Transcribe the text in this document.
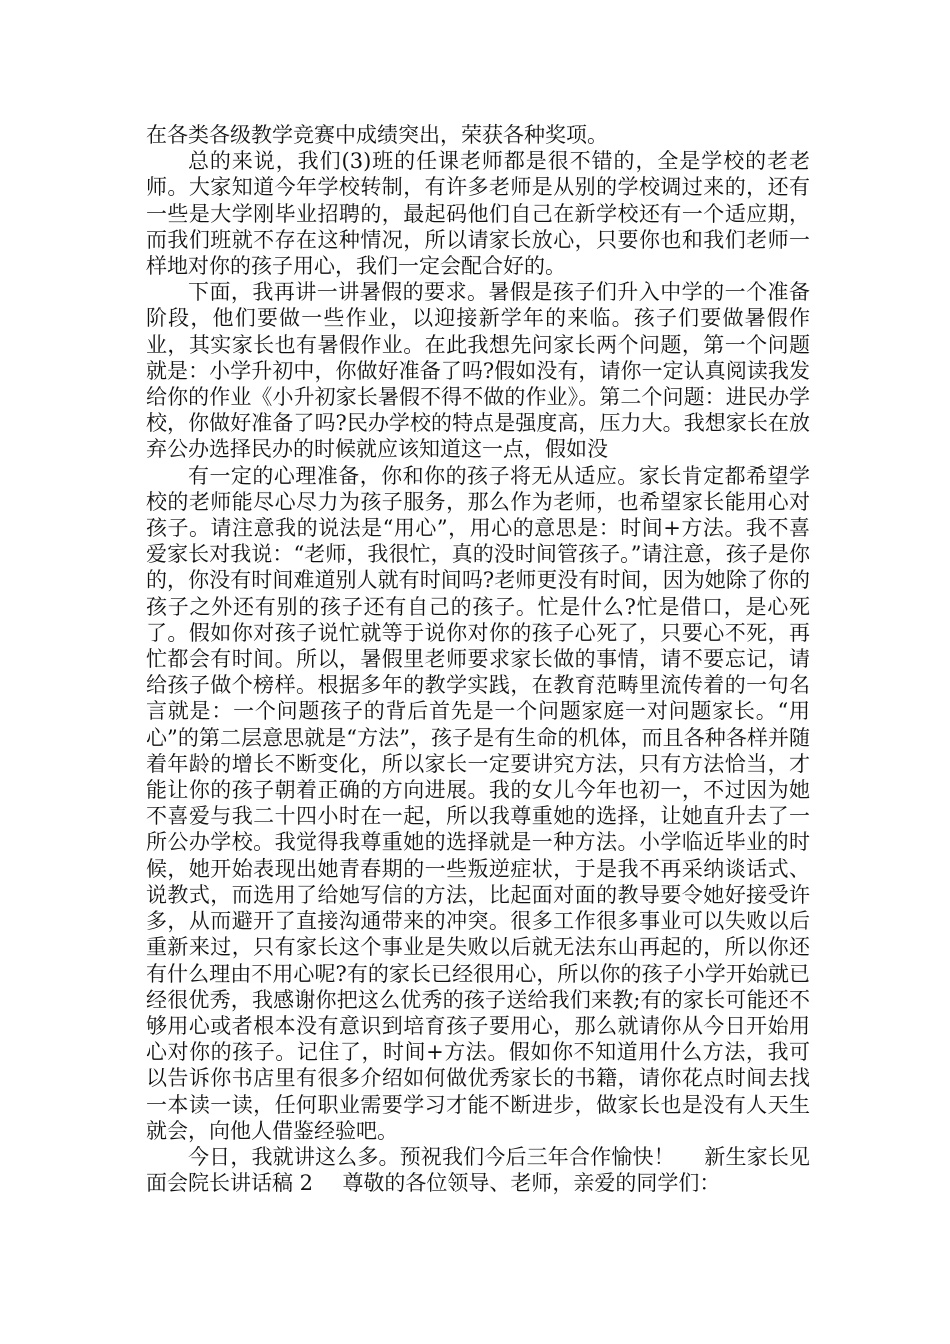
在各类各级教学竞赛中成绩突出，荣获各种奖项。

总的来说，我们(3)班的任课老师都是很不错的，全是学校的老老师。大家知道今年学校转制，有许多老师是从别的学校调过来的，还有一些是大学刚毕业招聘的，最起码他们自己在新学校还有一个适应期，而我们班就不存在这种情况，所以请家长放心，只要你也和我们老师一样地对你的孩子用心，我们一定会配合好的。

下面，我再讲一讲暑假的要求。暑假是孩子们升入中学的一个准备阶段，他们要做一些作业，以迎接新学年的来临。孩子们要做暑假作业，其实家长也有暑假作业。在此我想先问家长两个问题，第一个问题就是：小学升初中，你做好准备了吗?假如没有，请你一定认真阅读我发给你的作业《小升初家长暑假不得不做的作业》。第二个问题：进民办学校，你做好准备了吗?民办学校的特点是强度高，压力大。我想家长在放弃公办选择民办的时候就应该知道这一点，假如没

有一定的心理准备，你和你的孩子将无从适应。家长肯定都希望学校的老师能尽心尽力为孩子服务，那么作为老师，也希望家长能用心对孩子。请注意我的说法是“用心”，用心的意思是：时间+方法。我不喜爱家长对我说：“老师，我很忙，真的没时间管孩子。”请注意，孩子是你的，你没有时间难道别人就有时间吗?老师更没有时间，因为她除了你的孩子之外还有别的孩子还有自己的孩子。忙是什么?忙是借口，是心死了。假如你对孩子说忙就等于说你对你的孩子心死了，只要心不死，再忙都会有时间。所以，暑假里老师要求家长做的事情，请不要忘记，请给孩子做个榜样。根据多年的教学实践，在教育范畴里流传着的一句名言就是：一个问题孩子的背后首先是一个问题家庭一对问题家长。“用心”的第二层意思就是“方法”，孩子是有生命的机体，而且各种各样并随着年龄的增长不断变化，所以家长一定要讲究方法，只有方法恰当，才能让你的孩子朝着正确的方向进展。我的女儿今年也初一，不过因为她不喜爱与我二十四小时在一起，所以我尊重她的选择，让她直升去了一所公办学校。我觉得我尊重她的选择就是一种方法。小学临近毕业的时候，她开始表现出她青春期的一些叛逆症状，于是我不再采纳谈话式、说教式，而选用了给她写信的方法，比起面对面的教导要令她好接受许多，从而避开了直接沟通带来的冲突。很多工作很多事业可以失败以后重新来过，只有家长这个事业是失败以后就无法东山再起的，所以你还有什么理由不用心呢?有的家长已经很用心，所以你的孩子小学开始就已经很优秀，我感谢你把这么优秀的孩子送给我们来教;有的家长可能还不够用心或者根本没有意识到培育孩子要用心，那么就请你从今日开始用心对你的孩子。记住了，时间+方法。假如你不知道用什么方法，我可以告诉你书店里有很多介绍如何做优秀家长的书籍，请你花点时间去找一本读一读，任何职业需要学习才能不断进步，做家长也是没有人天生就会，向他人借鉴经验吧。

今日，我就讲这么多。预祝我们今后三年合作愉快！ 新生家长见面会院长讲话稿 2 尊敬的各位领导、老师，亲爱的同学们：
